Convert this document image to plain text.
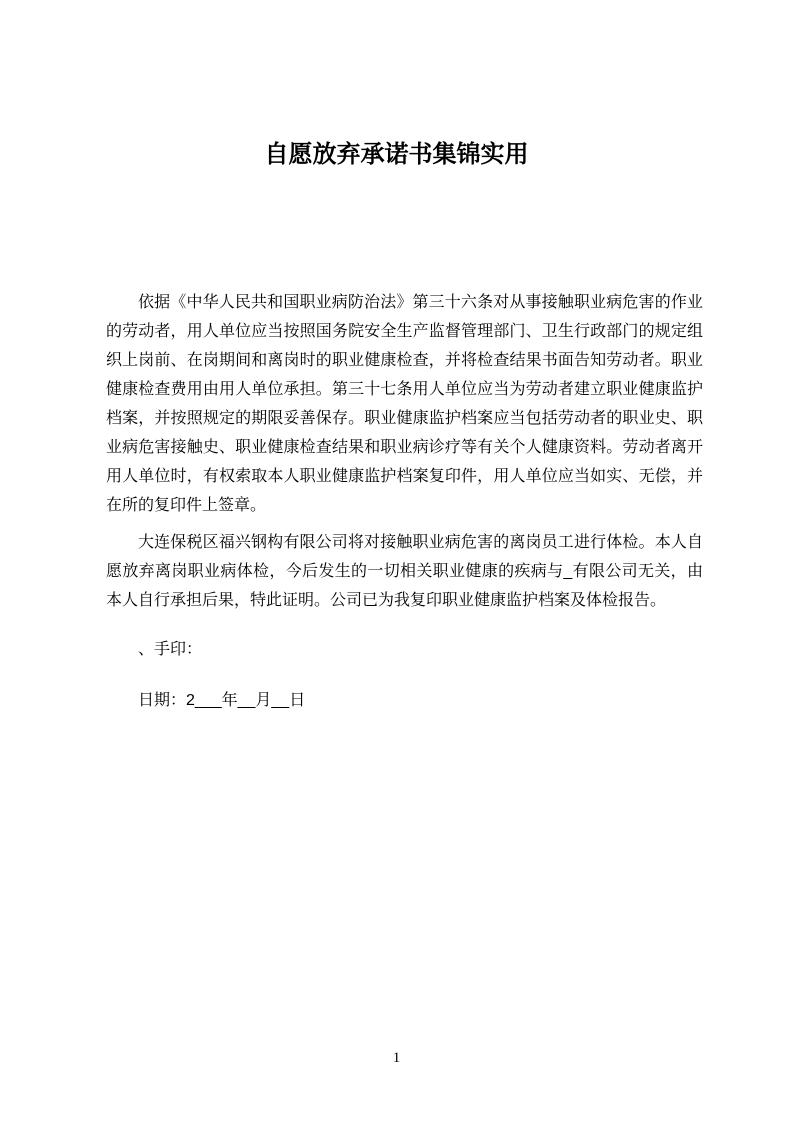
自愿放弃承诺书集锦实用

依据《中华人民共和国职业病防治法》第三十六条对从事接触职业病危害的作业的劳动者，用人单位应当按照国务院安全生产监督管理部门、卫生行政部门的规定组织上岗前、在岗期间和离岗时的职业健康检查，并将检查结果书面告知劳动者。职业健康检查费用由用人单位承担。第三十七条用人单位应当为劳动者建立职业健康监护档案，并按照规定的期限妥善保存。职业健康监护档案应当包括劳动者的职业史、职业病危害接触史、职业健康检查结果和职业病诊疗等有关个人健康资料。劳动者离开用人单位时，有权索取本人职业健康监护档案复印件，用人单位应当如实、无偿，并在所的复印件上签章。

大连保税区福兴钢构有限公司将对接触职业病危害的离岗员工进行体检。本人自愿放弃离岗职业病体检，今后发生的一切相关职业健康的疾病与_有限公司无关，由本人自行承担后果，特此证明。公司已为我复印职业健康监护档案及体检报告。

、手印：

日期：2___年__月__日

1
